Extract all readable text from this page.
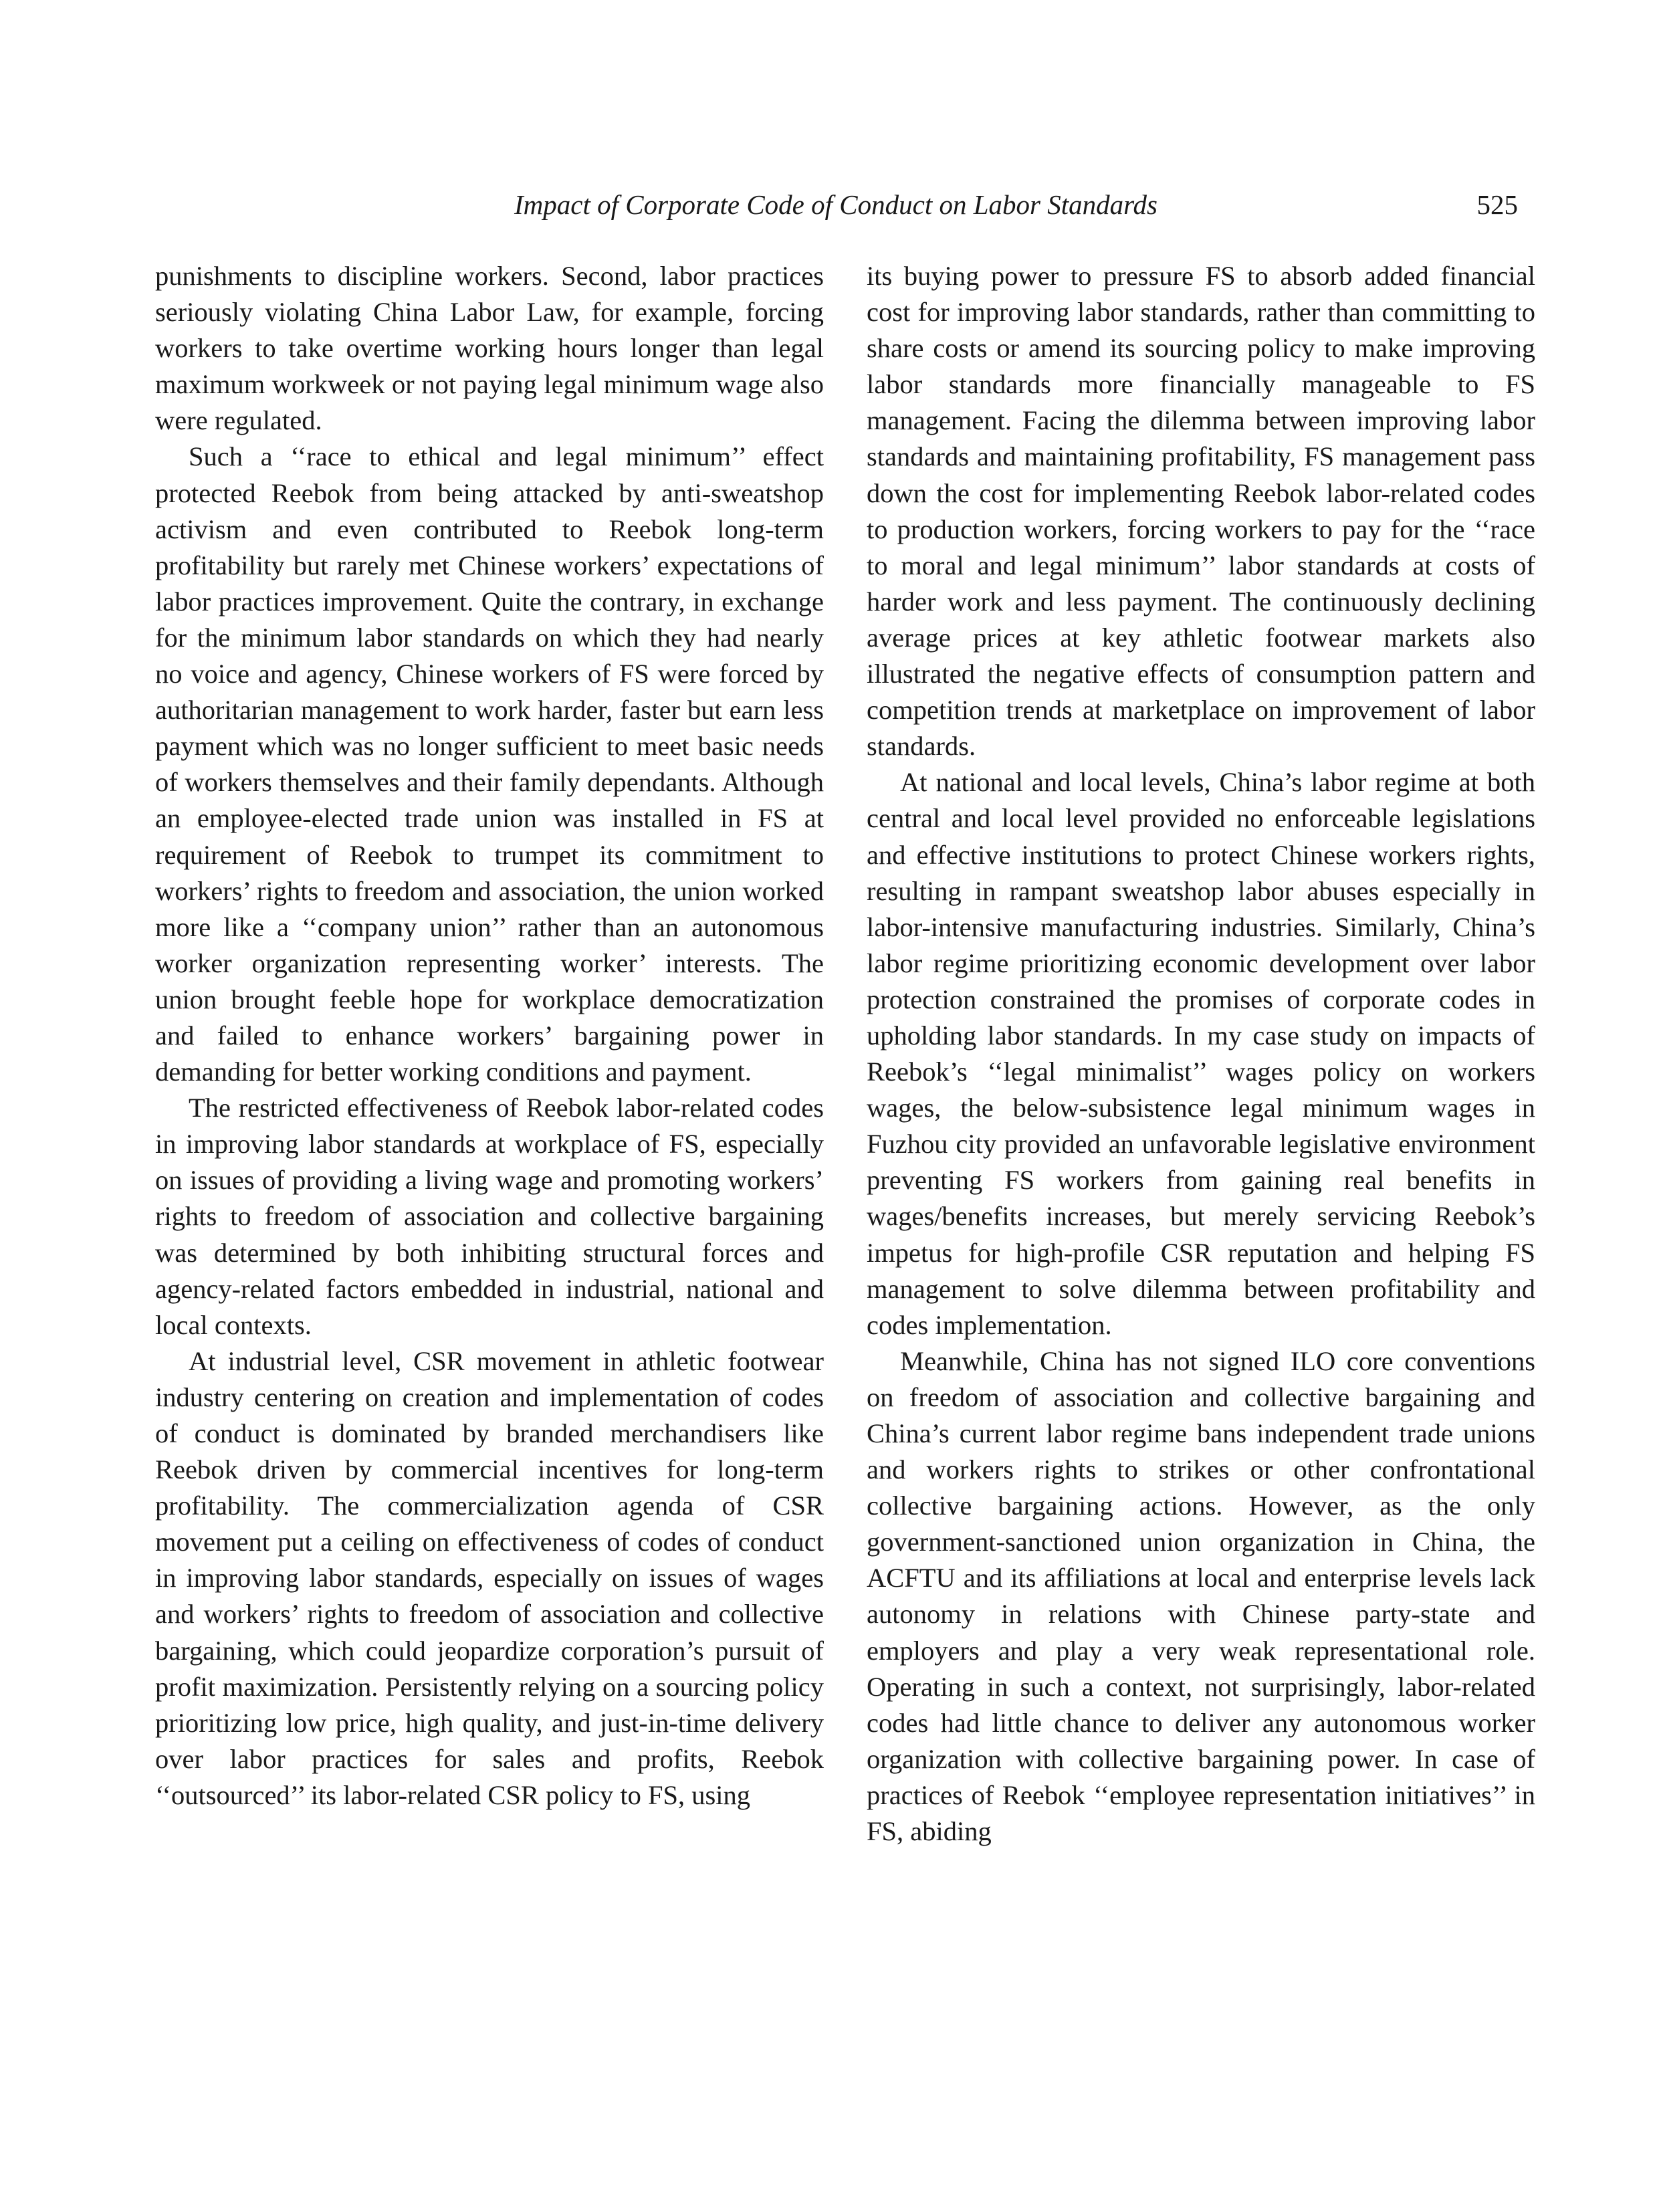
Impact of Corporate Code of Conduct on Labor Standards	525

punishments to discipline workers. Second, labor practices seriously violating China Labor Law, for example, forcing workers to take overtime working hours longer than legal maximum workweek or not paying legal minimum wage also were regulated.

Such a ‘‘race to ethical and legal minimum’’ effect protected Reebok from being attacked by anti-sweatshop activism and even contributed to Reebok long-term profitability but rarely met Chinese workers’ expectations of labor practices improvement. Quite the contrary, in exchange for the minimum labor standards on which they had nearly no voice and agency, Chinese workers of FS were forced by authoritarian management to work harder, faster but earn less payment which was no longer sufficient to meet basic needs of workers themselves and their family dependants. Although an employee-elected trade union was installed in FS at requirement of Reebok to trumpet its commitment to workers’ rights to freedom and association, the union worked more like a ‘‘company union’’ rather than an autonomous worker organization representing worker’ interests. The union brought feeble hope for workplace democratization and failed to enhance workers’ bargaining power in demanding for better working conditions and payment.

The restricted effectiveness of Reebok labor-related codes in improving labor standards at workplace of FS, especially on issues of providing a living wage and promoting workers’ rights to freedom of association and collective bargaining was determined by both inhibiting structural forces and agency-related factors embedded in industrial, national and local contexts.

At industrial level, CSR movement in athletic footwear industry centering on creation and implementation of codes of conduct is dominated by branded merchandisers like Reebok driven by commercial incentives for long-term profitability. The commercialization agenda of CSR movement put a ceiling on effectiveness of codes of conduct in improving labor standards, especially on issues of wages and workers’ rights to freedom of association and collective bargaining, which could jeopardize corporation’s pursuit of profit maximization. Persistently relying on a sourcing policy prioritizing low price, high quality, and just-in-time delivery over labor practices for sales and profits, Reebok ‘‘outsourced’’ its labor-related CSR policy to FS, using

its buying power to pressure FS to absorb added financial cost for improving labor standards, rather than committing to share costs or amend its sourcing policy to make improving labor standards more financially manageable to FS management. Facing the dilemma between improving labor standards and maintaining profitability, FS management pass down the cost for implementing Reebok labor-related codes to production workers, forcing workers to pay for the ‘‘race to moral and legal minimum’’ labor standards at costs of harder work and less payment. The continuously declining average prices at key athletic footwear markets also illustrated the negative effects of consumption pattern and competition trends at marketplace on improvement of labor standards.

At national and local levels, China’s labor regime at both central and local level provided no enforceable legislations and effective institutions to protect Chinese workers rights, resulting in rampant sweatshop labor abuses especially in labor-intensive manufacturing industries. Similarly, China’s labor regime prioritizing economic development over labor protection constrained the promises of corporate codes in upholding labor standards. In my case study on impacts of Reebok’s ‘‘legal minimalist’’ wages policy on workers wages, the below-subsistence legal minimum wages in Fuzhou city provided an unfavorable legislative environment preventing FS workers from gaining real benefits in wages/benefits increases, but merely servicing Reebok’s impetus for high-profile CSR reputation and helping FS management to solve dilemma between profitability and codes implementation.

Meanwhile, China has not signed ILO core conventions on freedom of association and collective bargaining and China’s current labor regime bans independent trade unions and workers rights to strikes or other confrontational collective bargaining actions. However, as the only government-sanctioned union organization in China, the ACFTU and its affiliations at local and enterprise levels lack autonomy in relations with Chinese party-state and employers and play a very weak representational role. Operating in such a context, not surprisingly, labor-related codes had little chance to deliver any autonomous worker organization with collective bargaining power. In case of practices of Reebok ‘‘employee representation initiatives’’ in FS, abiding
